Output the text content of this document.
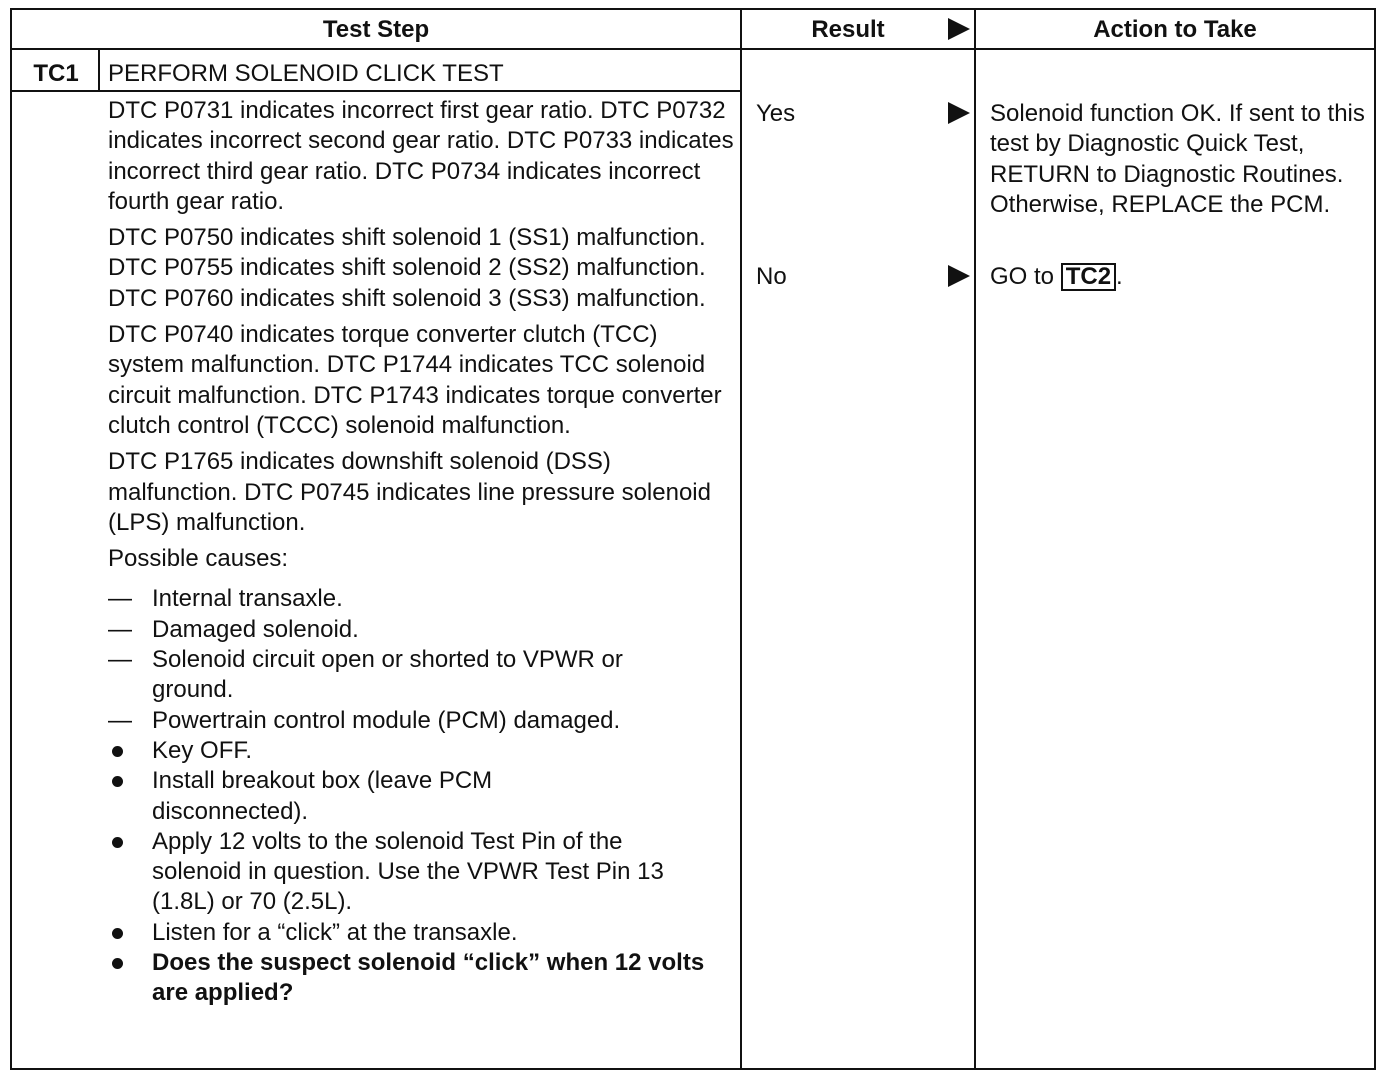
Test Step	Result	Action to Take
TC1	PERFORM SOLENOID CLICK TEST

DTC P0731 indicates incorrect first gear ratio. DTC P0732 indicates incorrect second gear ratio. DTC P0733 indicates incorrect third gear ratio. DTC P0734 indicates incorrect fourth gear ratio.

DTC P0750 indicates shift solenoid 1 (SS1) malfunction. DTC P0755 indicates shift solenoid 2 (SS2) malfunction. DTC P0760 indicates shift solenoid 3 (SS3) malfunction.

DTC P0740 indicates torque converter clutch (TCC) system malfunction. DTC P1744 indicates TCC solenoid circuit malfunction. DTC P1743 indicates torque converter clutch control (TCCC) solenoid malfunction.

DTC P1765 indicates downshift solenoid (DSS) malfunction. DTC P0745 indicates line pressure solenoid (LPS) malfunction.

Possible causes:

— Internal transaxle.
— Damaged solenoid.
— Solenoid circuit open or shorted to VPWR or ground.
— Powertrain control module (PCM) damaged.
Key OFF.
Install breakout box (leave PCM disconnected).
Apply 12 volts to the solenoid Test Pin of the solenoid in question. Use the VPWR Test Pin 13 (1.8L) or 70 (2.5L).
Listen for a “click” at the transaxle.
Does the suspect solenoid “click” when 12 volts are applied?
Yes	Solenoid function OK. If sent to this test by Diagnostic Quick Test, RETURN to Diagnostic Routines. Otherwise, REPLACE the PCM.
No	GO to TC2 .
